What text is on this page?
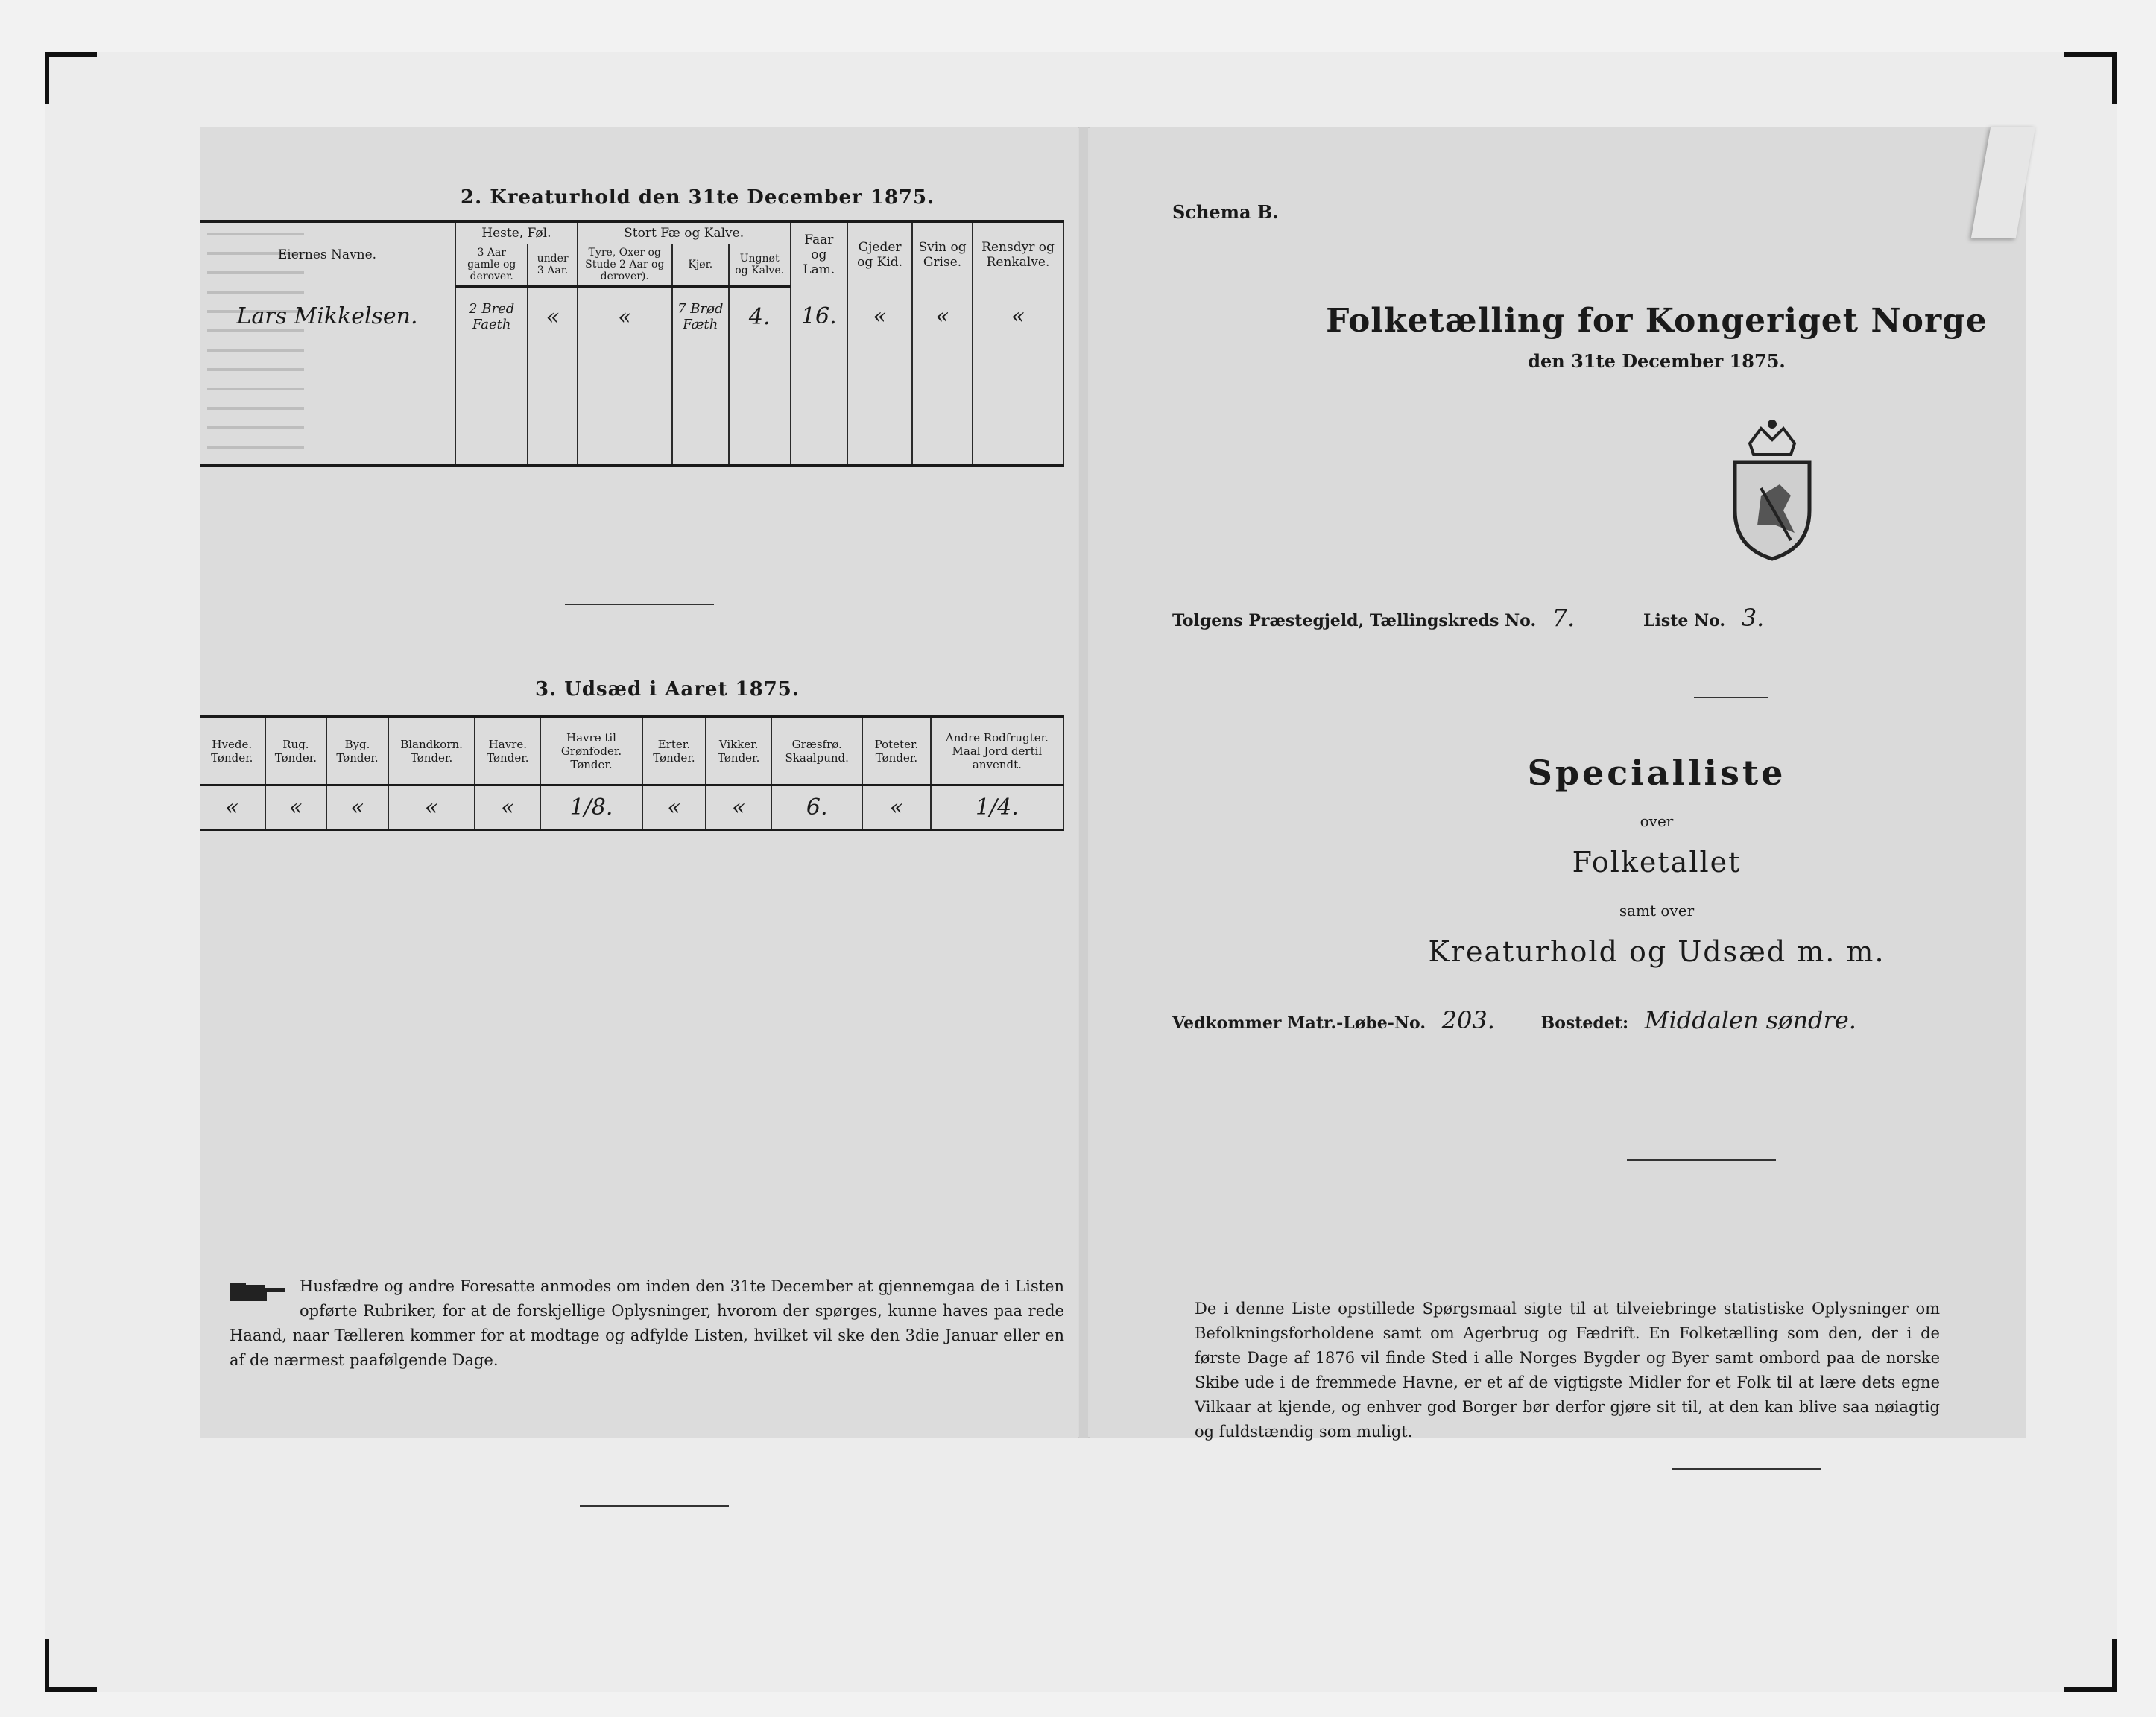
2. Kreaturhold den 31te December 1875.
Eiernes Navne.	Heste, Føl.		Stort Fæ og Kalve.			Faar og Lam.	Gjeder og Kid.	Svin og Grise.	Rensdyr og Renkalve.
	3 Aar gamle og derover.	under 3 Aar.	Tyre, Oxer og Stude 2 Aar og derover).	Kjør.	Ungnøt og Kalve.				
Lars Mikkelsen.	2 Bred Faeth	«	«	7 Brød Fæth	4.	16.	«	«	«

3. Udsæd i Aaret 1875.
Hvede. Tønder.	Rug. Tønder.	Byg. Tønder.	Blandkorn. Tønder.	Havre. Tønder.	Havre til Grønfoder. Tønder.	Erter. Tønder.	Vikker. Tønder.	Græsfrø. Skaalpund.	Poteter. Tønder.	Andre Rodfrugter. Maal Jord dertil anvendt.
«	«	«	«	«	1/8.	«	«	6.	«	1/4.
Husfædre og andre Foresatte anmodes om inden den 31te December at gjennemgaa de i Listen opførte Rubriker, for at de forskjellige Oplysninger, hvorom der spørges, kunne haves paa rede Haand, naar Tælleren kommer for at modtage og adfylde Listen, hvilket vil ske den 3die Januar eller en af de nærmest paafølgende Dage.
Schema B.
Folketælling for Kongeriget Norge
den 31te December 1875.
Tolgens Præstegjeld, Tællingskreds No. 7.	Liste No. 3.
Specialliste
over
Folketallet
samt over
Kreaturhold og Udsæd m. m.
Vedkommer Matr.-Løbe-No. 203.	Bostedet: Middalen søndre.
De i denne Liste opstillede Spørgsmaal sigte til at tilveiebringe statistiske Oplysninger om Befolkningsforholdene samt om Agerbrug og Fædrift. En Folketælling som den, der i de første Dage af 1876 vil finde Sted i alle Norges Bygder og Byer samt ombord paa de norske Skibe ude i de fremmede Havne, er et af de vigtigste Midler for et Folk til at lære dets egne Vilkaar at kjende, og enhver god Borger bør derfor gjøre sit til, at den kan blive saa nøiagtig og fuldstændig som muligt.
